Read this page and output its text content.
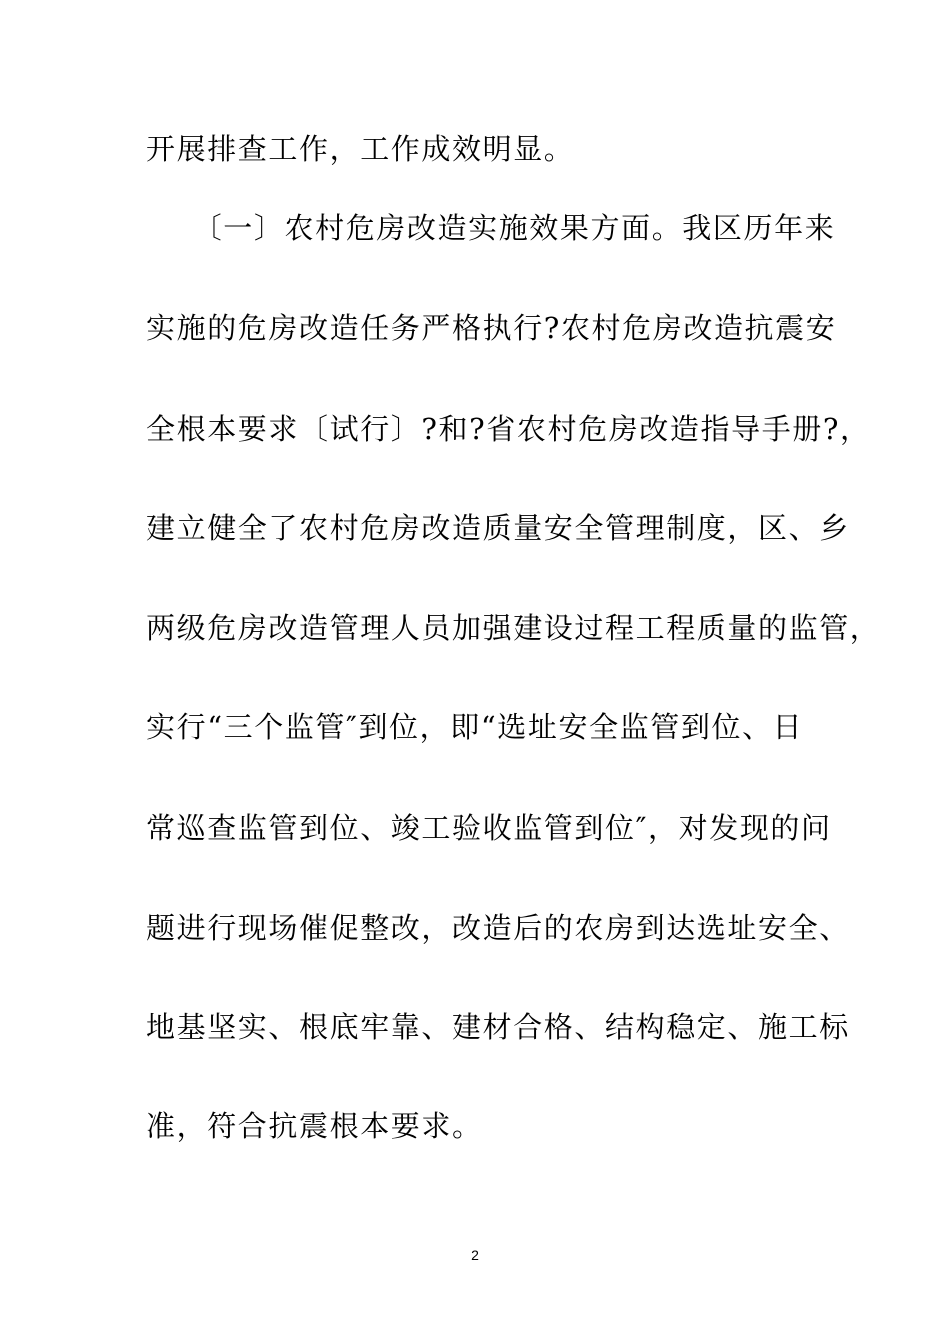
开展排查工作，工作成效明显。
　　〔一〕农村危房改造实施效果方面。我区历年来
实施的危房改造任务严格执行?农村危房改造抗震安
全根本要求〔试行〕?和?省农村危房改造指导手册?，
建立健全了农村危房改造质量安全管理制度，区、乡
两级危房改造管理人员加强建设过程工程质量的监管，
实行“三个监管″到位，即“选址安全监管到位、日
常巡查监管到位、竣工验收监管到位″，对发现的问
题进行现场催促整改，改造后的农房到达选址安全、
地基坚实、根底牢靠、建材合格、结构稳定、施工标
准，符合抗震根本要求。
2
